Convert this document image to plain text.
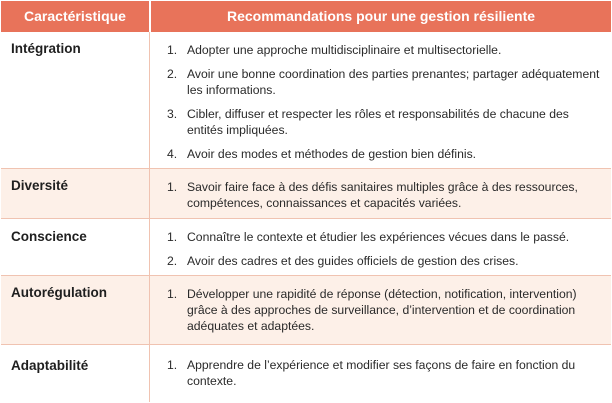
Caractéristique	Recommandations pour une gestion résiliente
Intégration	1. Adopter une approche multidisciplinaire et multisectorielle.
2. Avoir une bonne coordination des parties prenantes; partager adéquatement les informations.
3. Cibler, diffuser et respecter les rôles et responsabilités de chacune des entités impliquées.
4. Avoir des modes et méthodes de gestion bien définis.
Diversité	1. Savoir faire face à des défis sanitaires multiples grâce à des ressources, compétences, connaissances et capacités variées.
Conscience	1. Connaître le contexte et étudier les expériences vécues dans le passé.
2. Avoir des cadres et des guides officiels de gestion des crises.
Autorégulation	1. Développer une rapidité de réponse (détection, notification, intervention) grâce à des approches de surveillance, d’intervention et de coordination adéquates et adaptées.
Adaptabilité	1. Apprendre de l’expérience et modifier ses façons de faire en fonction du contexte.
